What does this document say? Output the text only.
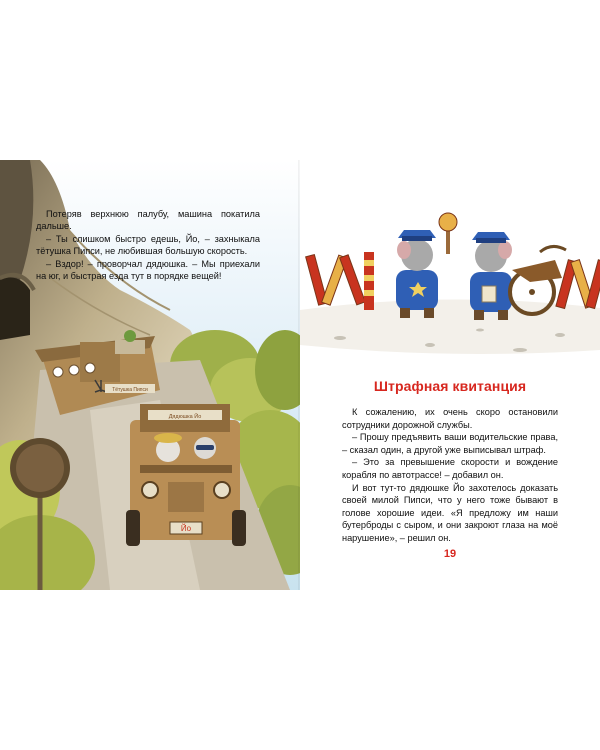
Тётушка Пипси
Дядюшка Йо
Йо

Потеряв верхнюю палубу, машина покатила дальше.

– Ты слишком быстро едешь, Йо, – захныкала тётушка Пипси, не любившая большую скорость.

– Вздор! – проворчал дядюшка. – Мы приехали на юг, и быстрая езда тут в порядке вещей!

Штрафная квитанция

К сожалению, их очень скоро остановили сотрудники дорожной службы.

– Прошу предъявить ваши водительские права, – сказал один, а другой уже выписывал штраф.

– Это за превышение скорости и вождение корабля по автотрассе! – добавил он.

И вот тут-то дядюшке Йо захотелось доказать своей милой Пипси, что у него тоже бывают в голове хорошие идеи. «Я предложу им наши бутерброды с сыром, и они закроют глаза на моё нарушение», – решил он.

19
